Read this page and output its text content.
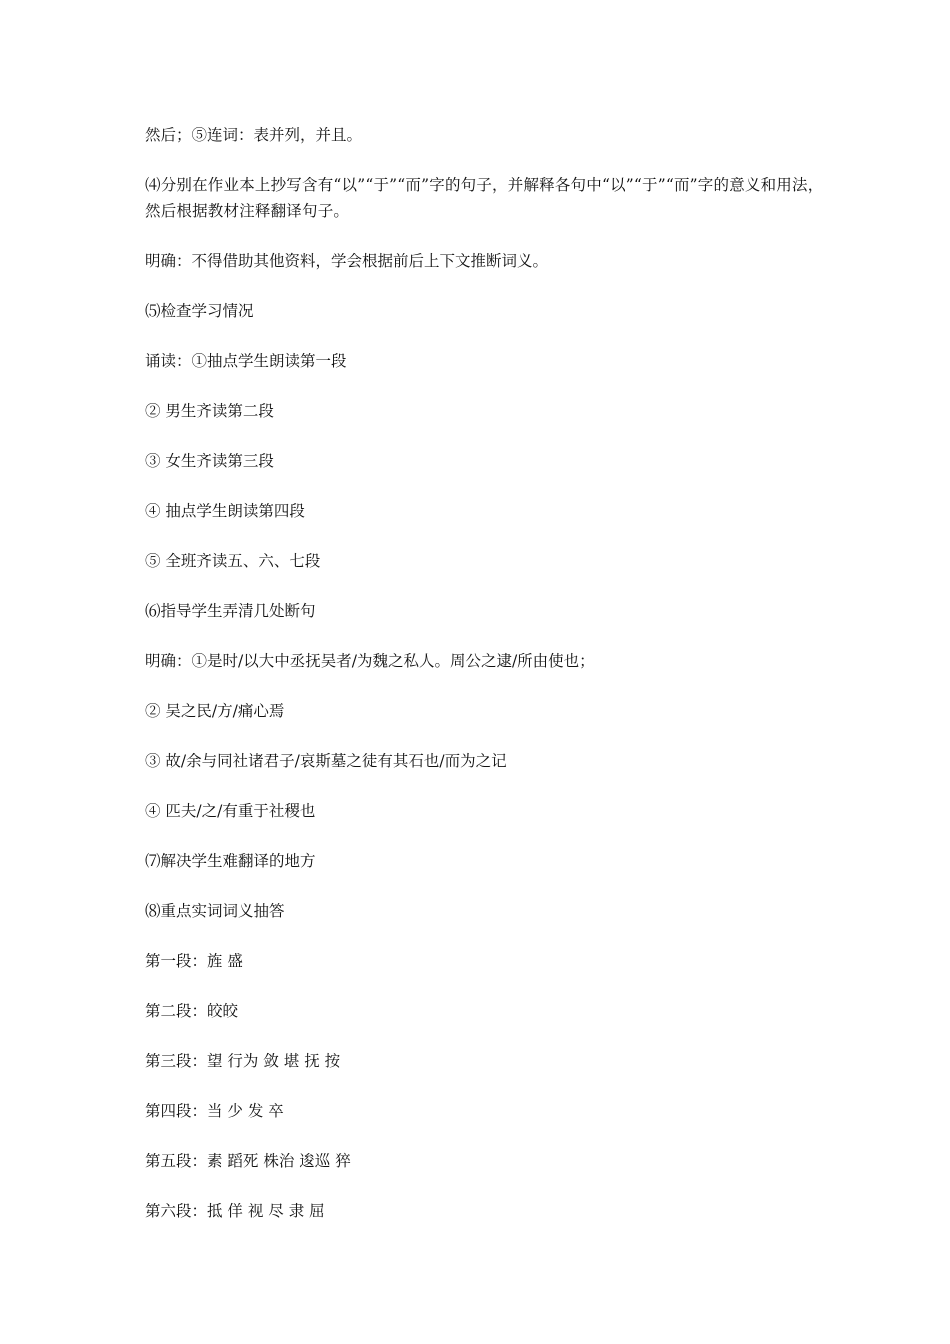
然后；⑤连词：表并列，并且。

⑷分别在作业本上抄写含有“以”“于”“而”字的句子，并解释各句中“以”“于”“而”字的意义和用法，然后根据教材注释翻译句子。

明确：不得借助其他资料，学会根据前后上下文推断词义。

⑸检查学习情况

诵读：①抽点学生朗读第一段

② 男生齐读第二段

③ 女生齐读第三段

④ 抽点学生朗读第四段

⑤ 全班齐读五、六、七段

⑹指导学生弄清几处断句

明确：①是时/以大中丞抚吴者/为魏之私人。周公之逮/所由使也；

② 吴之民/方/痛心焉

③ 故/余与同社诸君子/哀斯墓之徒有其石也/而为之记

④ 匹夫/之/有重于社稷也

⑺解决学生难翻译的地方

⑻重点实词词义抽答

第一段：旌 盛

第二段：皎皎

第三段：望 行为 敛 堪 抚 按

第四段：当 少 发 卒

第五段：素 蹈死 株治 逡巡 猝

第六段：抵 佯 视 尽 隶 屈
